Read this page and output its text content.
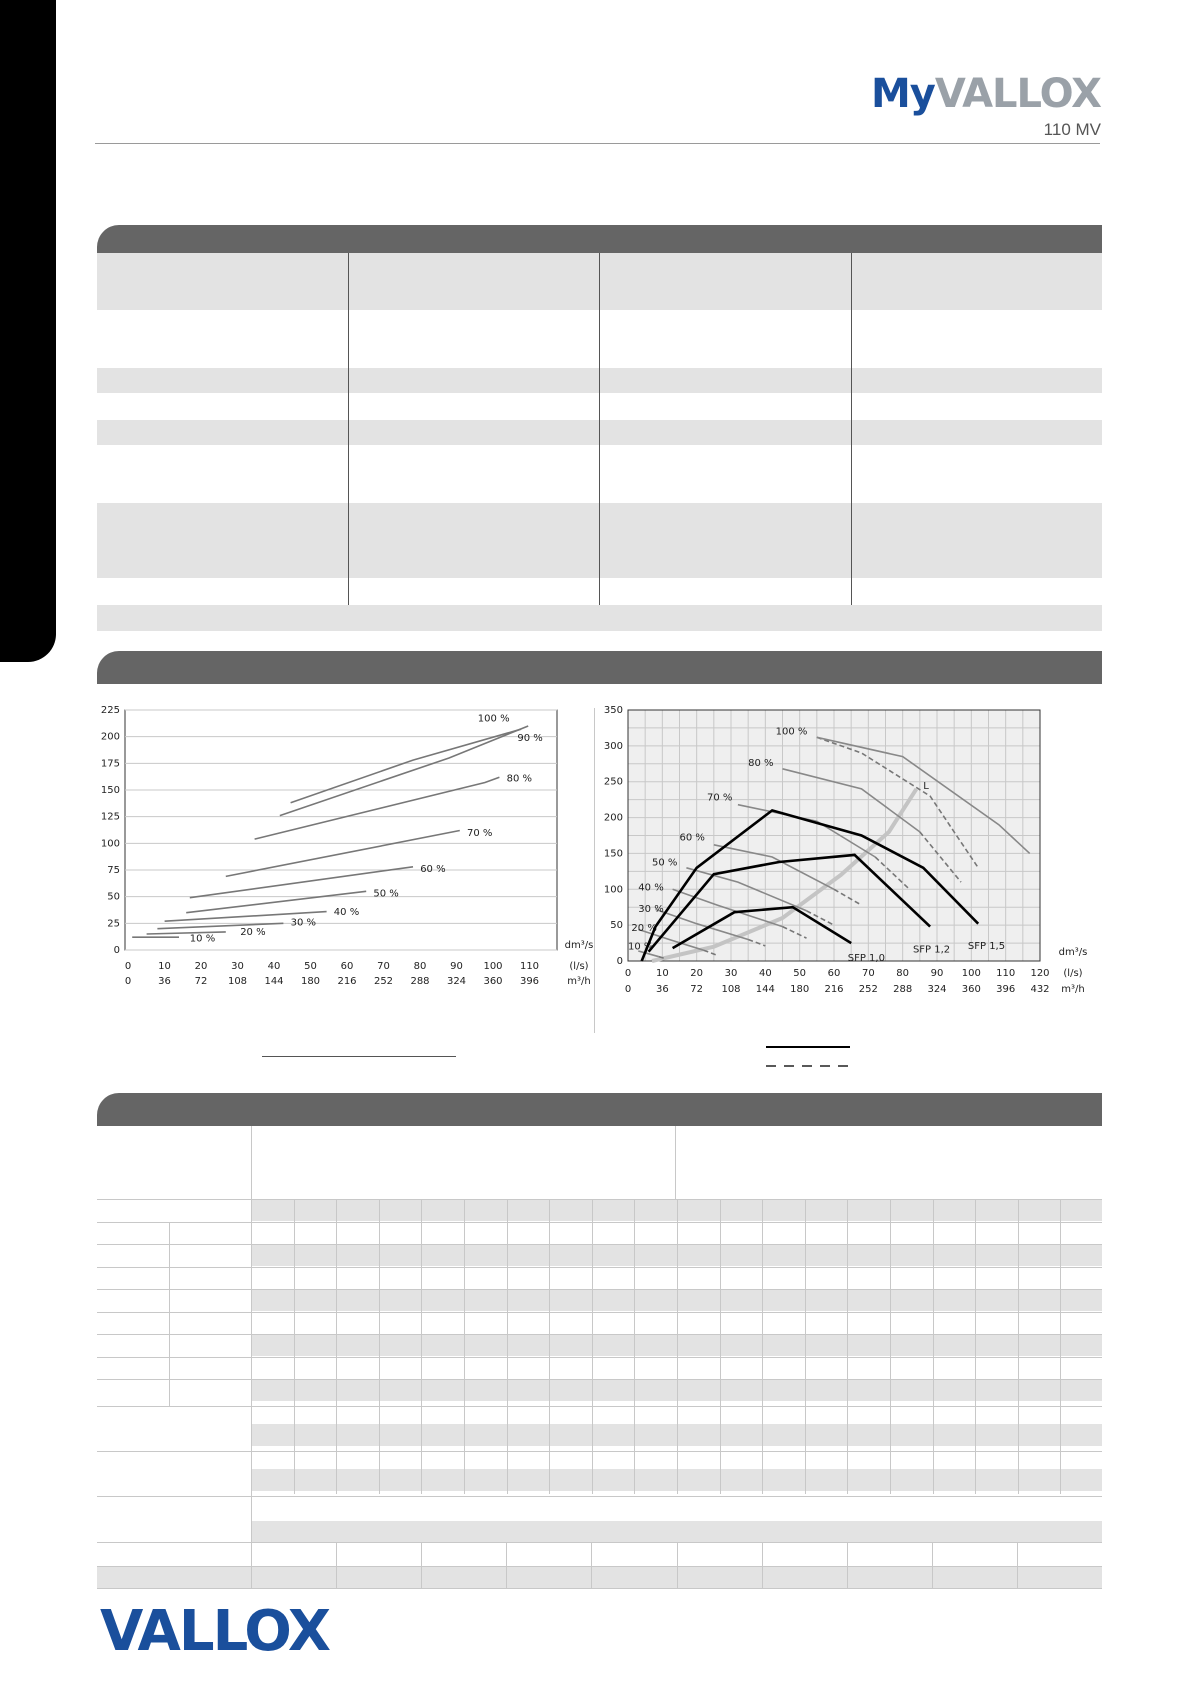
MyVALLOX
110 MV
0
25
50
75
100
125
150
175
200
225
0
0
10
36
20
72
30
108
40
144
50
180
60
216
70
252
80
288
90
324
100
360
110
396
dm³/s
(l/s)
m³/h
10 %
20 %
30 %
40 %
50 %
60 %
70 %
80 %
90 %
100 %
0
50
100
150
200
250
300
350
0
0
10
36
20
72
30
108
40
144
50
180
60
216
70
252
80
288
90
324
100
360
110
396
120
432
dm³/s
(l/s)
m³/h
L
10 %
20 %
30 %
40 %
50 %
60 %
70 %
80 %
100 %
SFP 1,0
SFP 1,2 SFP 1,5
VALLOX
